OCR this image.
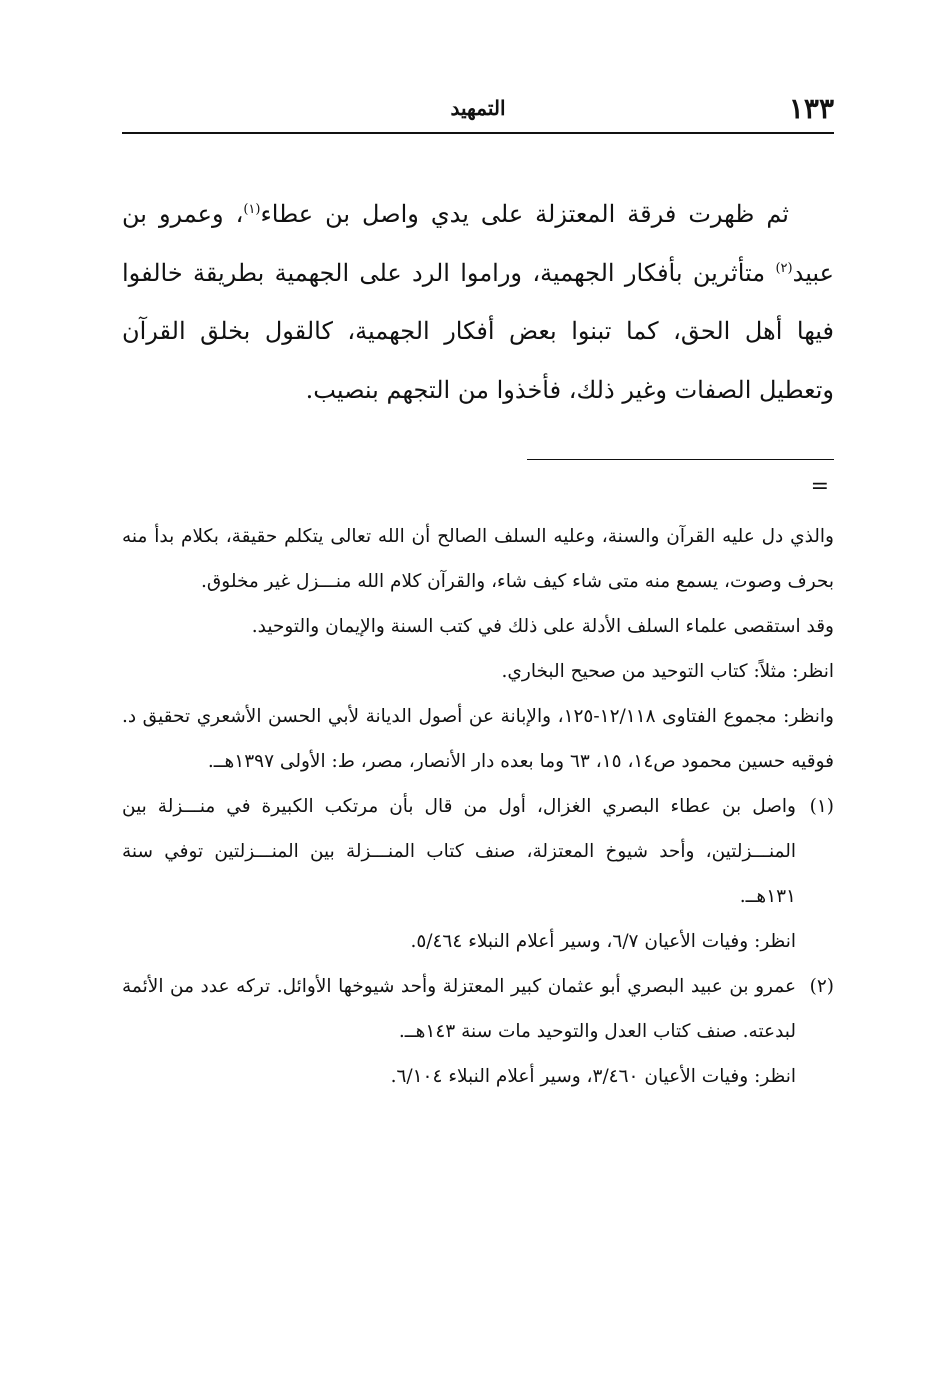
١٣٣
التمهيد

ثم ظهرت فرقة المعتزلة على يدي واصل بن عطاء$^{(١)}$، وعمرو بن عبيد$^{(٢)}$ متأثرين بأفكار الجهمية، وراموا الرد على الجهمية بطريقة خالفوا فيها أهل الحق، كما تبنوا بعض أفكار الجهمية، كالقول بخلق القرآن وتعطيل الصفات وغير ذلك، فأخذوا من التجهم بنصيب.

=

والذي دل عليه القرآن والسنة، وعليه السلف الصالح أن الله تعالى يتكلم حقيقة، بكلام بدأ منه بحرف وصوت، يسمع منه متى شاء كيف شاء، والقرآن كلام الله منـــزل غير مخلوق.

وقد استقصى علماء السلف الأدلة على ذلك في كتب السنة والإيمان والتوحيد.

انظر: مثلاً: كتاب التوحيد من صحيح البخاري.

وانظر: مجموع الفتاوى ١٢/١١٨-١٢٥، والإبانة عن أصول الديانة لأبي الحسن الأشعري تحقيق د. فوقيه حسين محمود ص١٤، ١٥، ٦٣ وما بعده دار الأنصار، مصر، ط: الأولى ١٣٩٧هــ.

(١)

واصل بن عطاء البصري الغزال، أول من قال بأن مرتكب الكبيرة في منـــزلة بين المنـــزلتين، وأحد شيوخ المعتزلة، صنف كتاب المنـــزلة بين المنـــزلتين توفي سنة ١٣١هــ.

انظر: وفيات الأعيان ٦/٧، وسير أعلام النبلاء ٥/٤٦٤.

(٢)

عمرو بن عبيد البصري أبو عثمان كبير المعتزلة وأحد شيوخها الأوائل. تركه عدد من الأئمة لبدعته. صنف كتاب العدل والتوحيد مات سنة ١٤٣هــ.

انظر: وفيات الأعيان ٣/٤٦٠، وسير أعلام النبلاء ٦/١٠٤.
